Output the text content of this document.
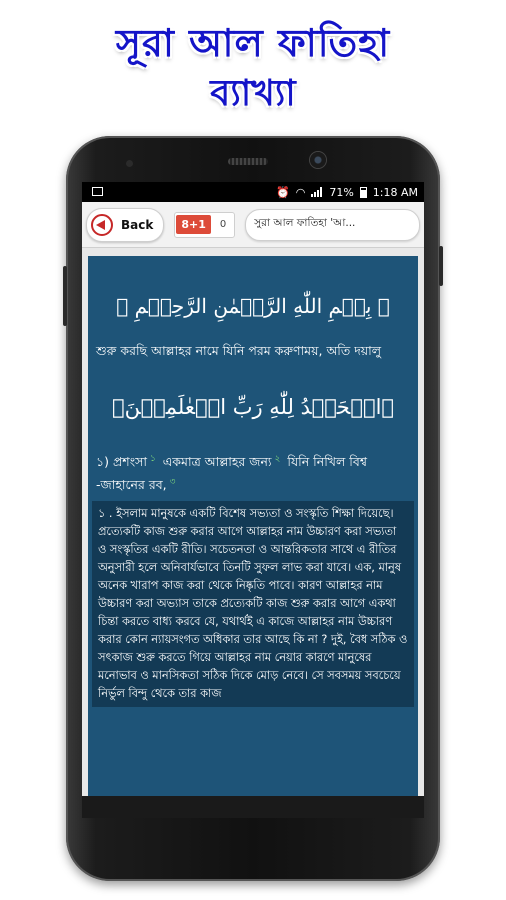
সূরা আল ফাতিহা
ব্যাখ্যা
⏰ ◠ 71% 1:18 AM
Back	8+1	0	সুরা আল ফাতিহা 'আ...

﴿ بِسۡمِ اللّٰهِ الرَّحۡمٰنِ الرَّحِیۡمِ ﴾

শুরু করছি আল্লাহর নামে যিনি পরম করুণাময়, অতি দয়ালু

﴿الۡحَمۡدُ لِلّٰهِ رَبِّ الۡعٰلَمِیۡنَ﴾

১) প্রশংসা $^১$ একমাত্র আল্লাহর জন্য $^২$ যিনি নিখিল বিশ্ব -জাহানের রব, $^৩$

১ . ইসলাম মানুষকে একটি বিশেষ সভ্যতা ও সংস্কৃতি শিক্ষা দিয়েছে। প্রত্যেকটি কাজ শুরু করার আগে আল্লাহর নাম উচ্চারণ করা সভ্যতা ও সংস্কৃতির একটি রীতি। সচেতনতা ও আন্তরিকতার সাথে এ রীতির অনুসারী হলে অনিবার্যভাবে তিনটি সুফল লাভ করা যাবে। এক, মানুষ অনেক খারাপ কাজ করা থেকে নিষ্কৃতি পাবে। কারণ আল্লাহর নাম উচ্চারণ করা অভ্যাস তাকে প্রত্যেকটি কাজ শুরু করার আগে একথা চিন্তা করতে বাধ্য করবে যে, যথার্থই এ কাজে আল্লাহর নাম উচ্চারণ করার কোন ন্যায়সংগত অধিকার তার আছে কি না ? দুই, বৈধ সঠিক ও সৎকাজ শুরু করতে গিয়ে আল্লাহর নাম নেয়ার কারণে মানুষের মনোভাব ও মানসিকতা সঠিক দিকে মোড় নেবে। সে সবসময় সবচেয়ে নির্ভুল বিন্দু থেকে তার কাজ
